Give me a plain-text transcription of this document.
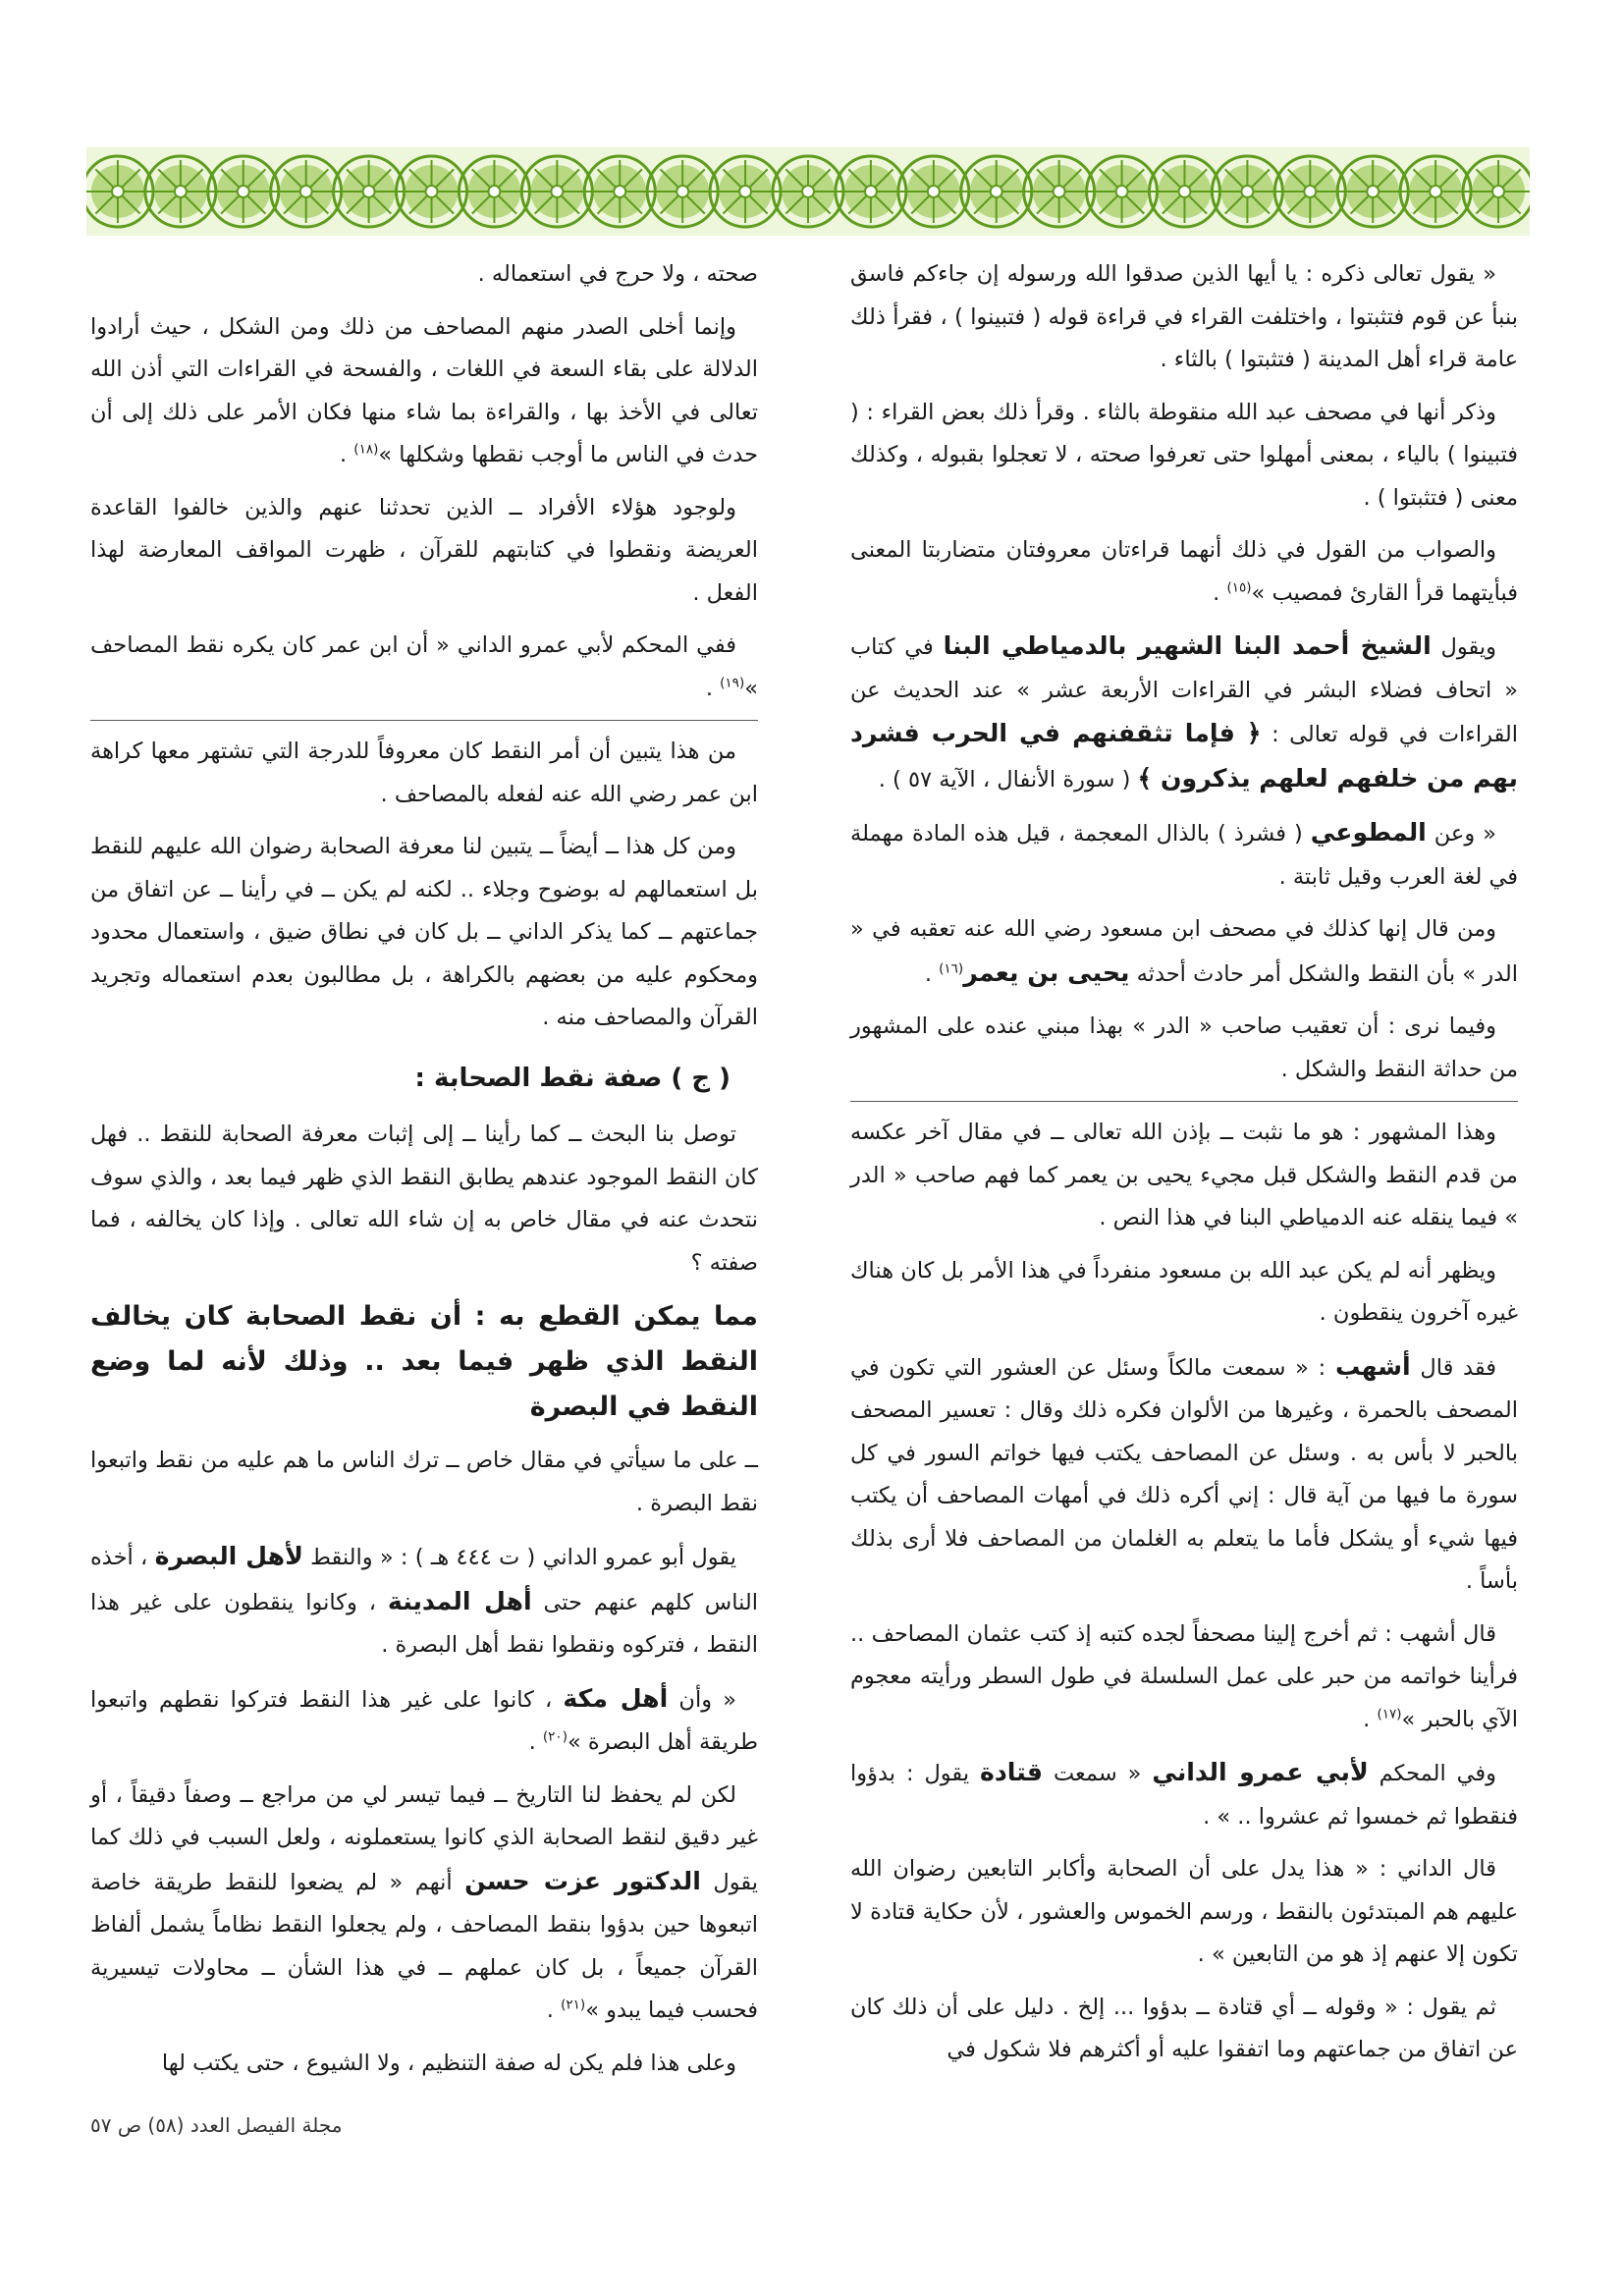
« يقول تعالى ذكره : يا أيها الذين صدقوا الله ورسوله إن جاءكم فاسق بنبأ عن قوم فتثبتوا ، واختلفت القراء في قراءة قوله ( فتبينوا ) ، فقرأ ذلك عامة قراء أهل المدينة ( فتثبتوا ) بالثاء .

وذكر أنها في مصحف عبد الله منقوطة بالثاء . وقرأ ذلك بعض القراء : ( فتبينوا ) بالياء ، بمعنى أمهلوا حتى تعرفوا صحته ، لا تعجلوا بقبوله ، وكذلك معنى ( فتثبتوا ) .

والصواب من القول في ذلك أنهما قراءتان معروفتان متضاربتا المعنى فبأيتهما قرأ القارئ فمصيب »$^{(١٥)}$ .

ويقول الشيخ أحمد البنا الشهير بالدمياطي البنا في كتاب « اتحاف فضلاء البشر في القراءات الأربعة عشر » عند الحديث عن القراءات في قوله تعالى : ﴿ فإما تثقفنهم في الحرب فشرد بهم من خلفهم لعلهم يذكرون ﴾ ( سورة الأنفال ، الآية ٥٧ ) .

« وعن المطوعي ( فشرذ ) بالذال المعجمة ، قيل هذه المادة مهملة في لغة العرب وقيل ثابتة .

ومن قال إنها كذلك في مصحف ابن مسعود رضي الله عنه تعقبه في « الدر » بأن النقط والشكل أمر حادث أحدثه يحيى بن يعمر$^{(١٦)}$ .

وفيما نرى : أن تعقيب صاحب « الدر » بهذا مبني عنده على المشهور من حداثة النقط والشكل .

وهذا المشهور : هو ما نثبت ــ بإذن الله تعالى ــ في مقال آخر عكسه من قدم النقط والشكل قبل مجيء يحيى بن يعمر كما فهم صاحب « الدر » فيما ينقله عنه الدمياطي البنا في هذا النص .

ويظهر أنه لم يكن عبد الله بن مسعود منفرداً في هذا الأمر بل كان هناك غيره آخرون ينقطون .

فقد قال أشهب : « سمعت مالكاً وسئل عن العشور التي تكون في المصحف بالحمرة ، وغيرها من الألوان فكره ذلك وقال : تعسير المصحف بالحبر لا بأس به . وسئل عن المصاحف يكتب فيها خواتم السور في كل سورة ما فيها من آية قال : إني أكره ذلك في أمهات المصاحف أن يكتب فيها شيء أو يشكل فأما ما يتعلم به الغلمان من المصاحف فلا أرى بذلك بأساً .

قال أشهب : ثم أخرج إلينا مصحفاً لجده كتبه إذ كتب عثمان المصاحف .. فرأينا خواتمه من حبر على عمل السلسلة في طول السطر ورأيته معجوم الآي بالحبر »$^{(١٧)}$ .

وفي المحكم لأبي عمرو الداني « سمعت قتادة يقول : بدؤوا فنقطوا ثم خمسوا ثم عشروا .. » .

قال الداني : « هذا يدل على أن الصحابة وأكابر التابعين رضوان الله عليهم هم المبتدئون بالنقط ، ورسم الخموس والعشور ، لأن حكاية قتادة لا تكون إلا عنهم إذ هو من التابعين » .

ثم يقول : « وقوله ــ أي قتادة ــ بدؤوا ... إلخ . دليل على أن ذلك كان عن اتفاق من جماعتهم وما اتفقوا عليه أو أكثرهم فلا شكول في

صحته ، ولا حرج في استعماله .

وإنما أخلى الصدر منهم المصاحف من ذلك ومن الشكل ، حيث أرادوا الدلالة على بقاء السعة في اللغات ، والفسحة في القراءات التي أذن الله تعالى في الأخذ بها ، والقراءة بما شاء منها فكان الأمر على ذلك إلى أن حدث في الناس ما أوجب نقطها وشكلها »$^{(١٨)}$ .

ولوجود هؤلاء الأفراد ــ الذين تحدثنا عنهم والذين خالفوا القاعدة العريضة ونقطوا في كتابتهم للقرآن ، ظهرت المواقف المعارضة لهذا الفعل .

ففي المحكم لأبي عمرو الداني « أن ابن عمر كان يكره نقط المصاحف »$^{(١٩)}$ .

من هذا يتبين أن أمر النقط كان معروفاً للدرجة التي تشتهر معها كراهة ابن عمر رضي الله عنه لفعله بالمصاحف .

ومن كل هذا ــ أيضاً ــ يتبين لنا معرفة الصحابة رضوان الله عليهم للنقط بل استعمالهم له بوضوح وجلاء .. لكنه لم يكن ــ في رأينا ــ عن اتفاق من جماعتهم ــ كما يذكر الداني ــ بل كان في نطاق ضيق ، واستعمال محدود ومحكوم عليه من بعضهم بالكراهة ، بل مطالبون بعدم استعماله وتجريد القرآن والمصاحف منه .

( ج ) صفة نقط الصحابة :

توصل بنا البحث ــ كما رأينا ــ إلى إثبات معرفة الصحابة للنقط .. فهل كان النقط الموجود عندهم يطابق النقط الذي ظهر فيما بعد ، والذي سوف نتحدث عنه في مقال خاص به إن شاء الله تعالى . وإذا كان يخالفه ، فما صفته ؟

مما يمكن القطع به : أن نقط الصحابة كان يخالف النقط الذي ظهر فيما بعد .. وذلك لأنه لما وضع النقط في البصرة

ــ على ما سيأتي في مقال خاص ــ ترك الناس ما هم عليه من نقط واتبعوا نقط البصرة .

يقول أبو عمرو الداني ( ت ٤٤٤ هـ ) : « والنقط لأهل البصرة ، أخذه الناس كلهم عنهم حتى أهل المدينة ، وكانوا ينقطون على غير هذا النقط ، فتركوه ونقطوا نقط أهل البصرة .

« وأن أهل مكة ، كانوا على غير هذا النقط فتركوا نقطهم واتبعوا طريقة أهل البصرة »$^{(٢٠)}$ .

لكن لم يحفظ لنا التاريخ ــ فيما تيسر لي من مراجع ــ وصفاً دقيقاً ، أو غير دقيق لنقط الصحابة الذي كانوا يستعملونه ، ولعل السبب في ذلك كما يقول الدكتور عزت حسن أنهم « لم يضعوا للنقط طريقة خاصة اتبعوها حين بدؤوا بنقط المصاحف ، ولم يجعلوا النقط نظاماً يشمل ألفاظ القرآن جميعاً ، بل كان عملهم ــ في هذا الشأن ــ محاولات تيسيرية فحسب فيما يبدو »$^{(٢١)}$ .

وعلى هذا فلم يكن له صفة التنظيم ، ولا الشيوع ، حتى يكتب لها

مجلة الفيصل العدد (٥٨) ص ٥٧
